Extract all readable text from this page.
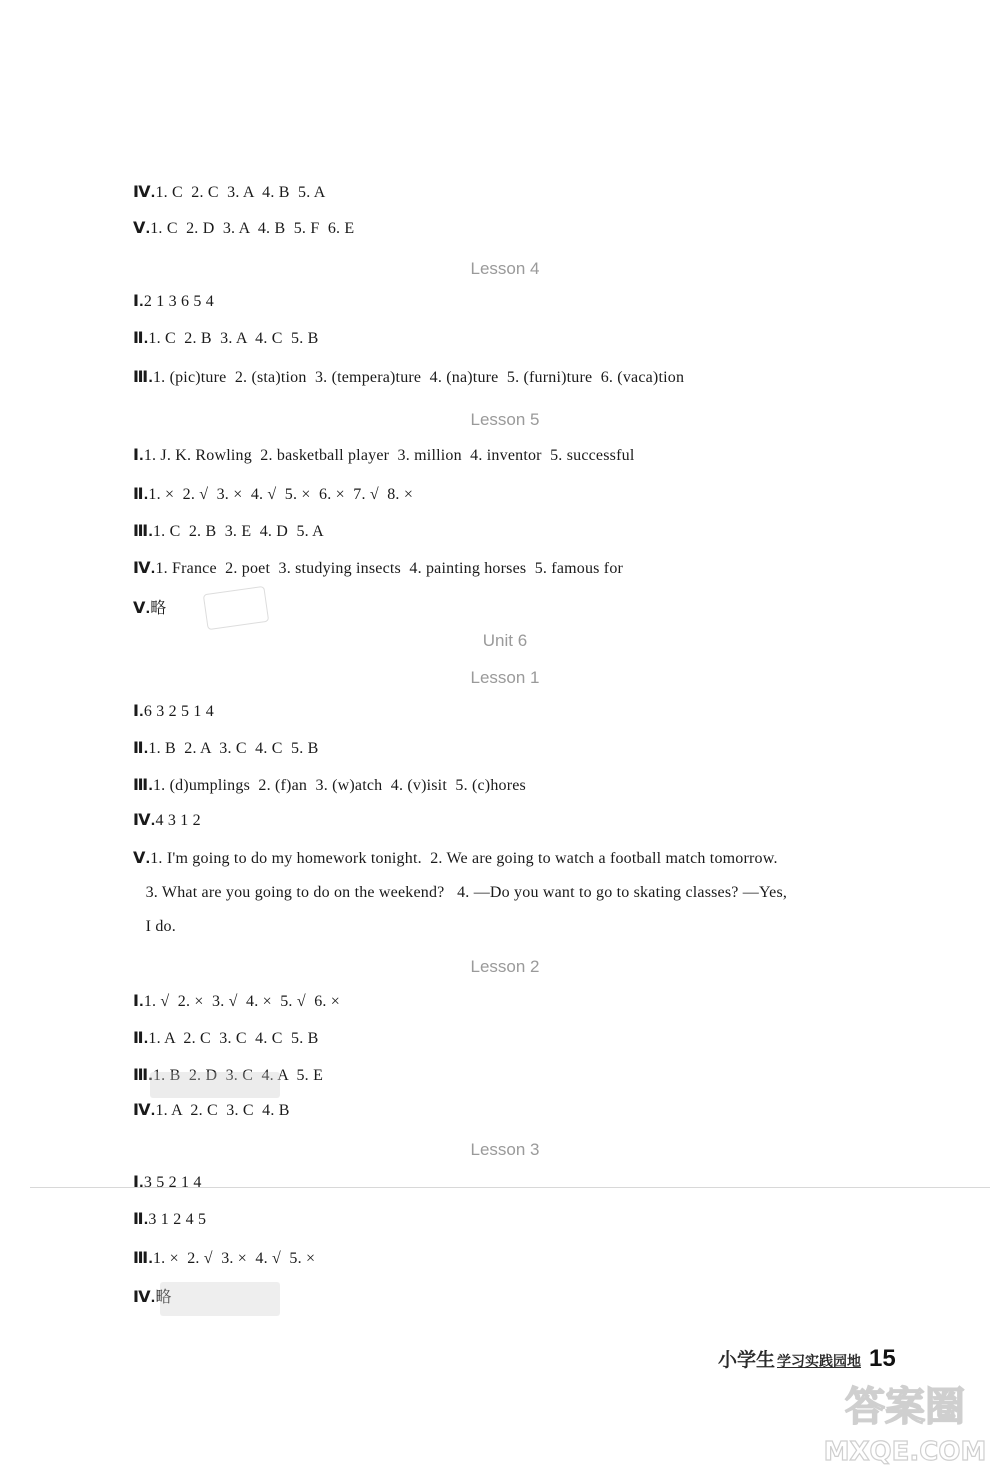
Ⅳ.1. C  2. C  3. A  4. B  5. A
Ⅴ.1. C  2. D  3. A  4. B  5. F  6. E
Ⅰ.2 1 3 6 5 4
Ⅱ.1. C  2. B  3. A  4. C  5. B
Ⅲ.1. (pic)ture  2. (sta)tion  3. (tempera)ture  4. (na)ture  5. (furni)ture  6. (vaca)tion
Ⅰ.1. J. K. Rowling  2. basketball player  3. million  4. inventor  5. successful
Ⅱ.1. ×  2. √  3. ×  4. √  5. ×  6. ×  7. √  8. ×
Ⅲ.1. C  2. B  3. E  4. D  5. A
Ⅳ.1. France  2. poet  3. studying insects  4. painting horses  5. famous for
Ⅴ.略
Ⅰ.6 3 2 5 1 4
Ⅱ.1. B  2. A  3. C  4. C  5. B
Ⅲ.1. (d)umplings  2. (f)an  3. (w)atch  4. (v)isit  5. (c)hores
Ⅳ.4 3 1 2
Ⅴ.1. I'm going to do my homework tonight.  2. We are going to watch a football match tomorrow.
3. What are you going to do on the weekend?   4. —Do you want to go to skating classes? —Yes,
I do.
Ⅰ.1. √  2. ×  3. √  4. ×  5. √  6. ×
Ⅱ.1. A  2. C  3. C  4. C  5. B
Ⅲ.1. B  2. D  3. C  4. A  5. E
Ⅳ.1. A  2. C  3. C  4. B
Ⅰ.3 5 2 1 4
Ⅱ.3 1 2 4 5
Ⅲ.1. ×  2. √  3. ×  4. √  5. ×
Ⅳ.略
Lesson 4
Lesson 5
Unit 6
Lesson 1
Lesson 2
Lesson 3
小学生 学习实践园地 15
答案圈
MXQE.COM
